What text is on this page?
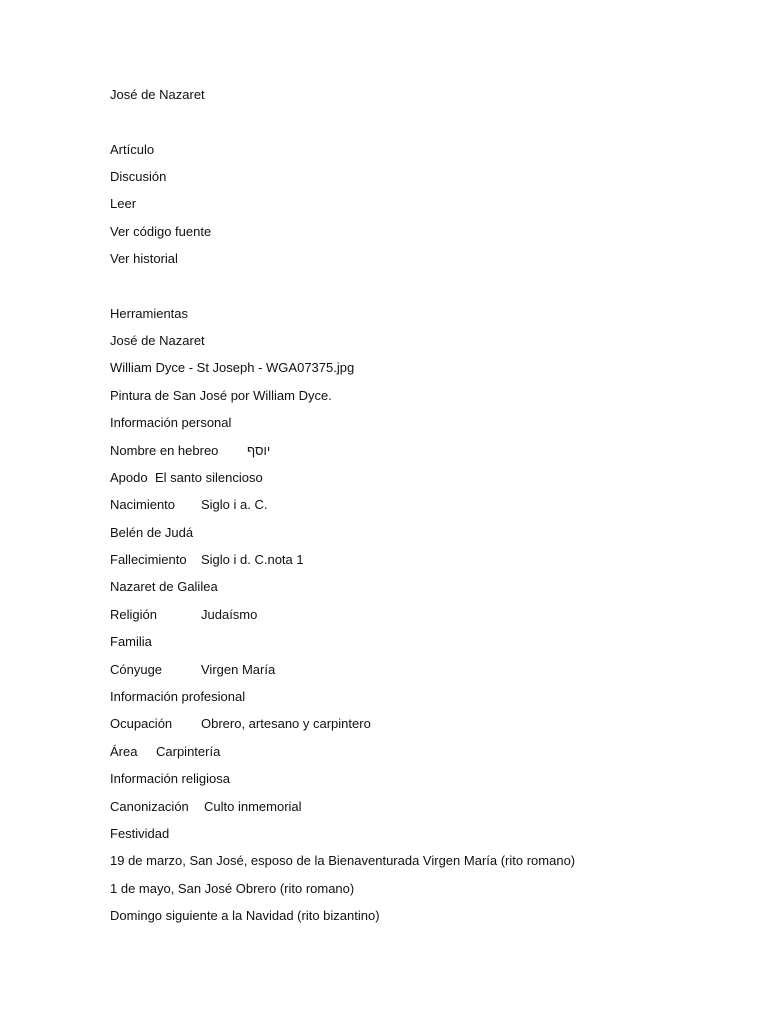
José de Nazaret
Artículo
Discusión
Leer
Ver código fuente
Ver historial
Herramientas
José de Nazaret
William Dyce - St Joseph - WGA07375.jpg
Pintura de San José por William Dyce.
Información personal
Nombre en hebreo יוסף
Apodo El santo silencioso
Nacimiento Siglo i a. C.
Belén de Judá
Fallecimiento Siglo i d. C.nota 1
Nazaret de Galilea
Religión	Judaísmo
Familia
Cónyuge	Virgen María
Información profesional
Ocupación Obrero, artesano y carpintero
Área Carpintería
Información religiosa
Canonización Culto inmemorial
Festividad
19 de marzo, San José, esposo de la Bienaventurada Virgen María (rito romano)
1 de mayo, San José Obrero (rito romano)
Domingo siguiente a la Navidad (rito bizantino)
